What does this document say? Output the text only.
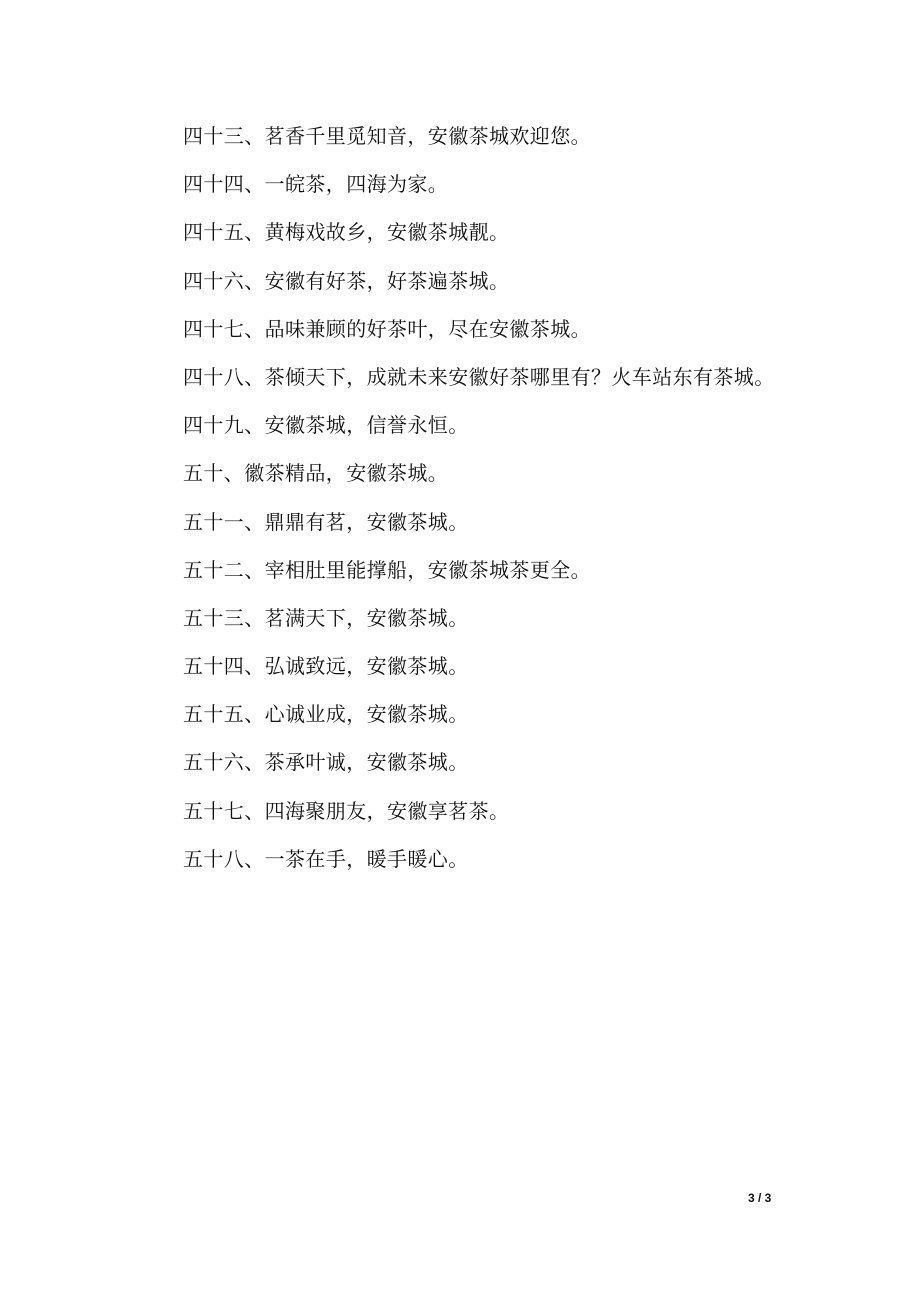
四十三、茗香千里觅知音，安徽茶城欢迎您。
四十四、一皖茶，四海为家。
四十五、黄梅戏故乡，安徽茶城靓。
四十六、安徽有好茶，好茶遍茶城。
四十七、品味兼顾的好茶叶，尽在安徽茶城。
四十八、茶倾天下，成就未来安徽好茶哪里有？火车站东有茶城。
四十九、安徽茶城，信誉永恒。
五十、徽茶精品，安徽茶城。
五十一、鼎鼎有茗，安徽茶城。
五十二、宰相肚里能撑船，安徽茶城茶更全。
五十三、茗满天下，安徽茶城。
五十四、弘诚致远，安徽茶城。
五十五、心诚业成，安徽茶城。
五十六、茶承叶诚，安徽茶城。
五十七、四海聚朋友，安徽享茗茶。
五十八、一茶在手，暖手暖心。
3 / 3
